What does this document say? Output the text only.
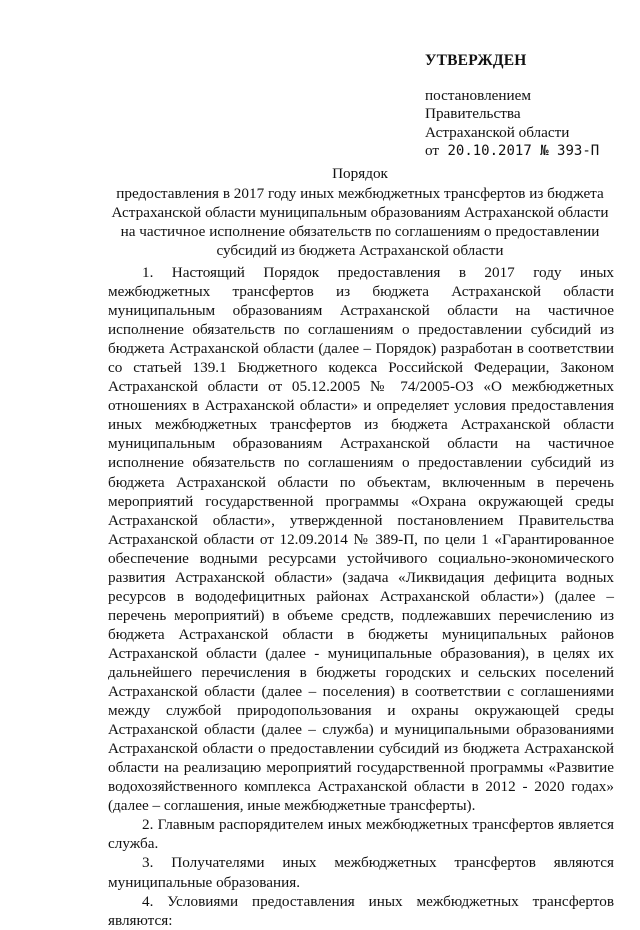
УТВЕРЖДЕН
постановлением
Правительства
Астраханской области
от 20.10.2017 № 393-П
Порядок
предоставления в 2017 году иных межбюджетных трансфертов из бюджета
Астраханской области муниципальным образованиям Астраханской области
на частичное исполнение обязательств по соглашениям о предоставлении
субсидий из бюджета Астраханской области

1. Настоящий Порядок предоставления в 2017 году иных межбюджетных трансфертов из бюджета Астраханской области муниципальным образованиям Астраханской области на частичное исполнение обязательств по соглашениям о предоставлении субсидий из бюджета Астраханской области (далее – Порядок) разработан в соответствии со статьей 139.1 Бюджетного кодекса Российской Федерации, Законом Астраханской области от 05.12.2005 № 74/2005-ОЗ «О межбюджетных отношениях в Астраханской области» и определяет условия предоставления иных межбюджетных трансфертов из бюджета Астраханской области муниципальным образованиям Астраханской области на частичное исполнение обязательств по соглашениям о предоставлении субсидий из бюджета Астраханской области по объектам, включенным в перечень мероприятий государственной программы «Охрана окружающей среды Астраханской области», утвержденной постановлением Правительства Астраханской области от 12.09.2014 № 389-П, по цели 1 «Гарантированное обеспечение водными ресурсами устойчивого социально-экономического развития Астраханской области» (задача «Ликвидация дефицита водных ресурсов в вододефицитных районах Астраханской области») (далее – перечень мероприятий) в объеме средств, подлежавших перечислению из бюджета Астраханской области в бюджеты муниципальных районов Астраханской области (далее - муниципальные образования), в целях их дальнейшего перечисления в бюджеты городских и сельских поселений Астраханской области (далее – поселения) в соответствии с соглашениями между службой природопользования и охраны окружающей среды Астраханской области (далее – служба) и муниципальными образованиями Астраханской области о предоставлении субсидий из бюджета Астраханской области на реализацию мероприятий государственной программы «Развитие водохозяйственного комплекса Астраханской области в 2012 - 2020 годах» (далее – соглашения, иные межбюджетные трансферты).

2. Главным распорядителем иных межбюджетных трансфертов является служба.

3. Получателями иных межбюджетных трансфертов являются муниципальные образования.

4. Условиями предоставления иных межбюджетных трансфертов являются:
